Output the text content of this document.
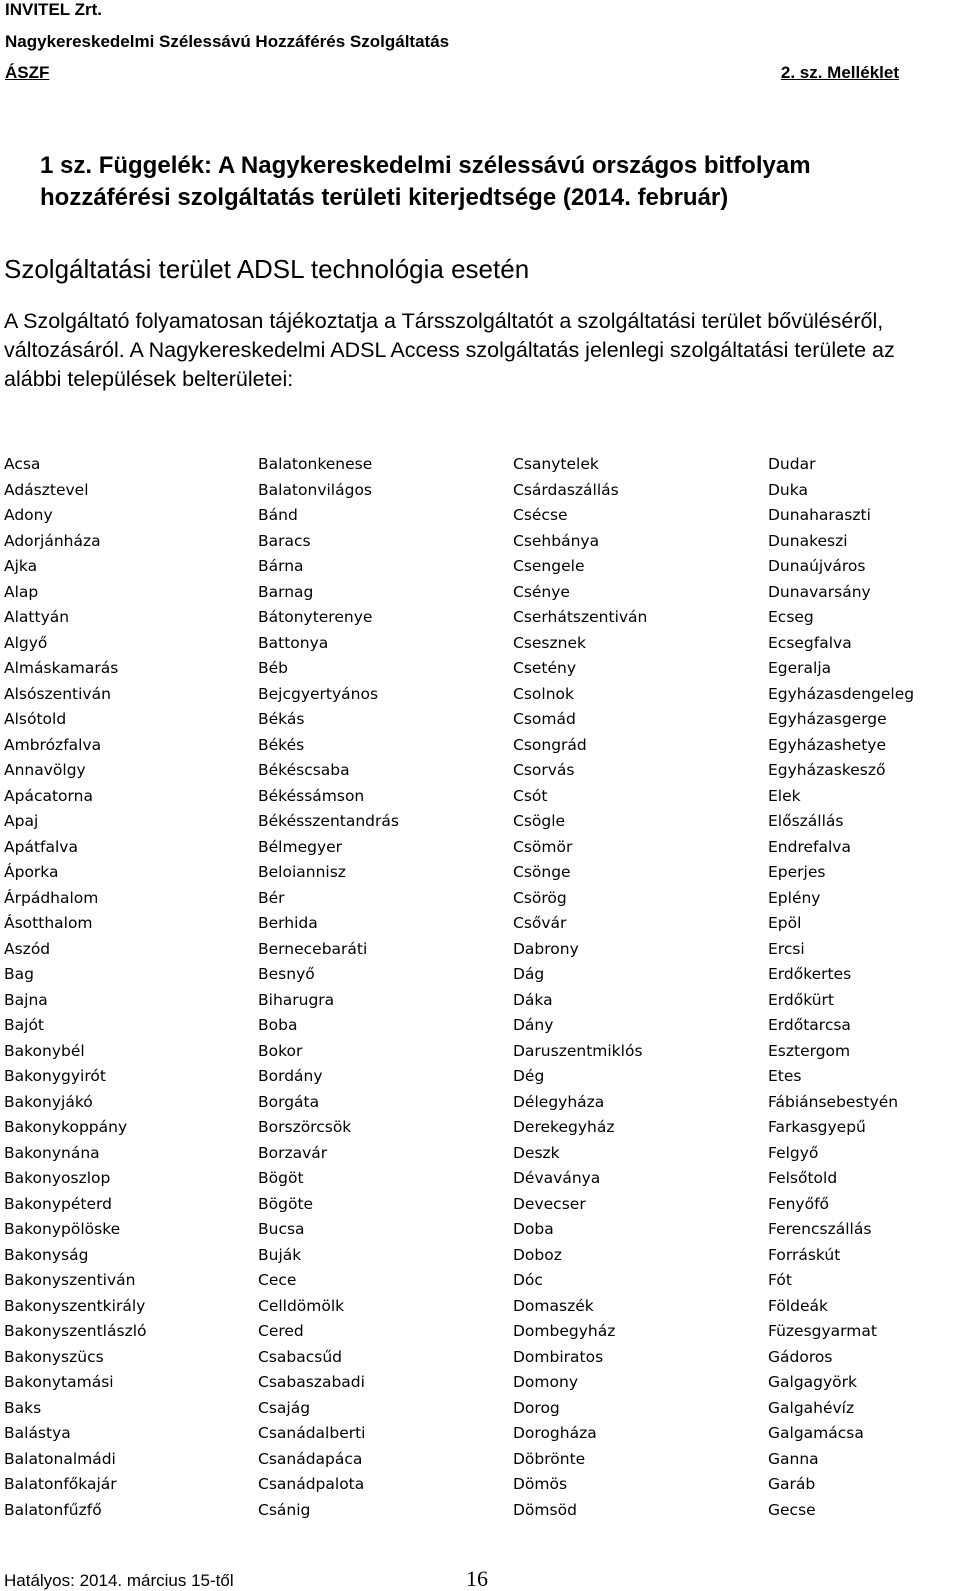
INVITEL Zrt.
Nagykereskedelmi Szélessávú Hozzáférés Szolgáltatás
ÁSZF	2. sz. Melléklet
1 sz. Függelék: A Nagykereskedelmi szélessávú országos bitfolyam hozzáférési szolgáltatás területi kiterjedtsége (2014. február)
Szolgáltatási terület ADSL technológia esetén
A Szolgáltató folyamatosan tájékoztatja a Társszolgáltatót a szolgáltatási terület bővüléséről, változásáról. A Nagykereskedelmi ADSL Access szolgáltatás jelenlegi szolgáltatási területe az alábbi települések belterületei:
Acsa
Adásztevel
Adony
Adorjánháza
Ajka
Alap
Alattyán
Algyő
Almáskamarás
Alsószentiván
Alsótold
Ambrózfalva
Annavölgy
Apácatorna
Apaj
Apátfalva
Áporka
Árpádhalom
Ásotthalom
Aszód
Bag
Bajna
Bajót
Bakonybél
Bakonygyirót
Bakonyjákó
Bakonykoppány
Bakonynána
Bakonyoszlop
Bakonypéterd
Bakonypölöske
Bakonyság
Bakonyszentiván
Bakonyszentkirály
Bakonyszentlászló
Bakonyszücs
Bakonytamási
Baks
Balástya
Balatonalmádi
Balatonfőkajár
Balatonfűzfő
Balatonkenese
Balatonvilágos
Bánd
Baracs
Bárna
Barnag
Bátonyterenye
Battonya
Béb
Bejcgyertyános
Békás
Békés
Békéscsaba
Békéssámson
Békésszentandrás
Bélmegyer
Beloiannisz
Bér
Berhida
Bernecebaráti
Besnyő
Biharugra
Boba
Bokor
Bordány
Borgáta
Borszörcsök
Borzavár
Bögöt
Bögöte
Bucsa
Buják
Cece
Celldömölk
Cered
Csabacsűd
Csabaszabadi
Csajág
Csanádalberti
Csanádapáca
Csanádpalota
Csánig
Csanytelek
Csárdaszállás
Csécse
Csehbánya
Csengele
Csénye
Cserhátszentiván
Csesznek
Csetény
Csolnok
Csomád
Csongrád
Csorvás
Csót
Csögle
Csömör
Csönge
Csörög
Csővár
Dabrony
Dág
Dáka
Dány
Daruszentmiklós
Dég
Délegyháza
Derekegyház
Deszk
Dévaványa
Devecser
Doba
Doboz
Dóc
Domaszék
Dombegyház
Dombiratos
Domony
Dorog
Dorogháza
Döbrönte
Dömös
Dömsöd
Dudar
Duka
Dunaharaszti
Dunakeszi
Dunaújváros
Dunavarsány
Ecseg
Ecsegfalva
Egeralja
Egyházasdengeleg
Egyházasgerge
Egyházashetye
Egyházaskesző
Elek
Előszállás
Endrefalva
Eperjes
Eplény
Epöl
Ercsi
Erdőkertes
Erdőkürt
Erdőtarcsa
Esztergom
Etes
Fábiánsebestyén
Farkasgyepű
Felgyő
Felsőtold
Fenyőfő
Ferencszállás
Forráskút
Fót
Földeák
Füzesgyarmat
Gádoros
Galgagyörk
Galgahévíz
Galgamácsa
Ganna
Garáb
Gecse
Hatályos: 2014. március 15-től	16
